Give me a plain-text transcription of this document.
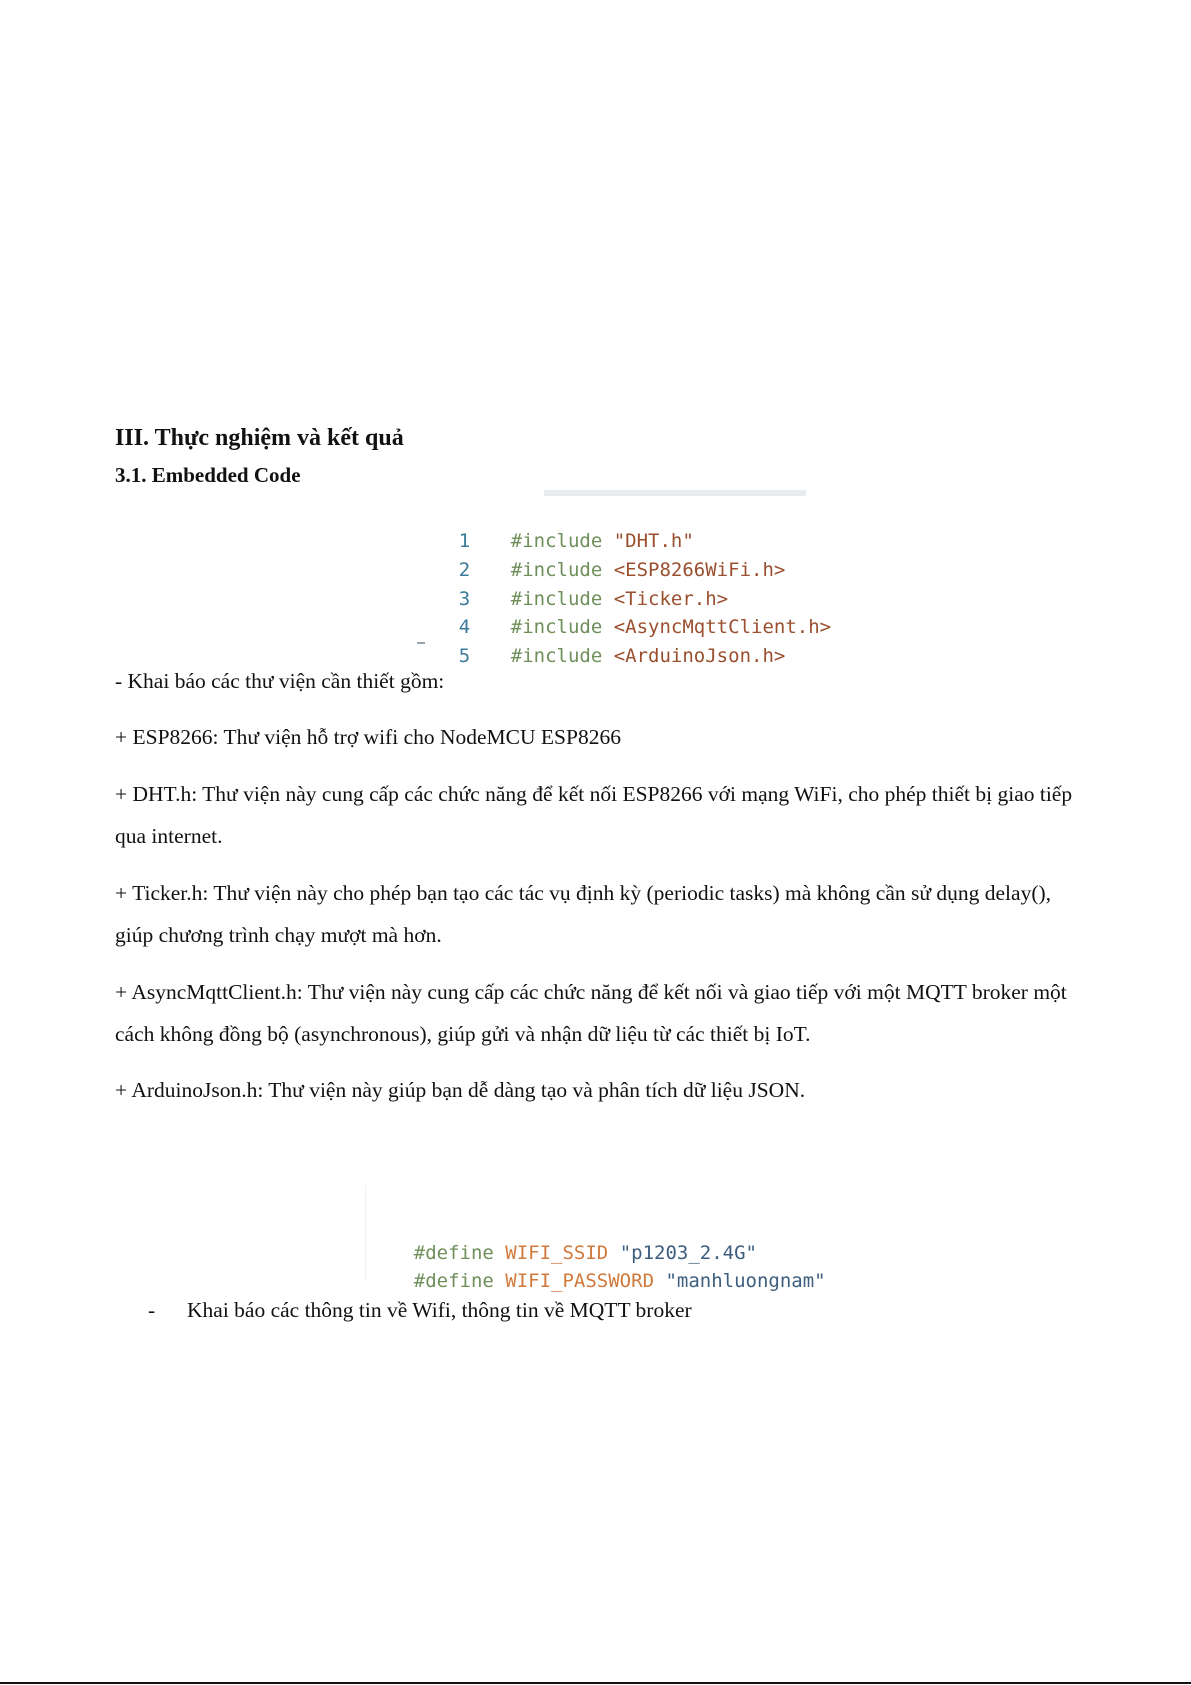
III. Thực nghiệm và kết quả
3.1. Embedded Code

1 #include "DHT.h"

2 #include <ESP8266WiFi.h>

3 #include <Ticker.h>

4 #include <AsyncMqttClient.h>

5 #include <ArduinoJson.h>

- Khai báo các thư viện cần thiết gồm:

+ ESP8266: Thư viện hỗ trợ wifi cho NodeMCU ESP8266

+ DHT.h: Thư viện này cung cấp các chức năng để kết nối ESP8266 với mạng WiFi, cho phép thiết bị giao tiếp qua internet.

+ Ticker.h: Thư viện này cho phép bạn tạo các tác vụ định kỳ (periodic tasks) mà không cần sử dụng delay(), giúp chương trình chạy mượt mà hơn.

+ AsyncMqttClient.h: Thư viện này cung cấp các chức năng để kết nối và giao tiếp với một MQTT broker một cách không đồng bộ (asynchronous), giúp gửi và nhận dữ liệu từ các thiết bị IoT.

+ ArduinoJson.h: Thư viện này giúp bạn dễ dàng tạo và phân tích dữ liệu JSON.

#define WIFI_SSID "p1203_2.4G"

#define WIFI_PASSWORD "manhluongnam"

- Khai báo các thông tin về Wifi, thông tin về MQTT broker
